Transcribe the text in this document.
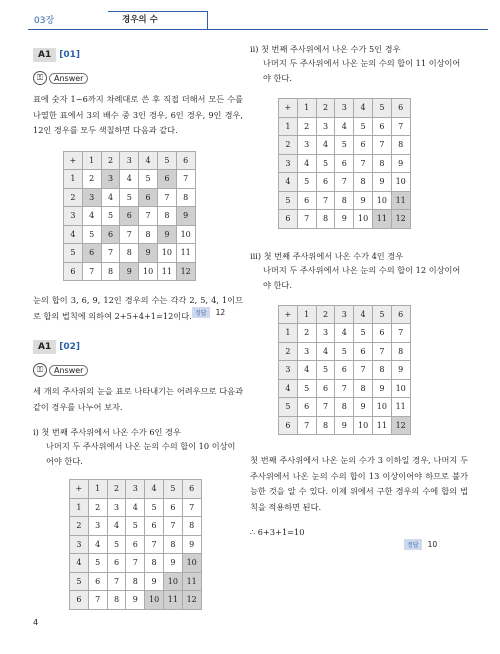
03장	경우의 수
A1 [01]
⚿	Answer

표에 숫자 1~6까지 차례대로 쓴 후 직접 더해서 모든 수를 나열한 표에서 3의 배수 중 3인 경우, 6인 경우, 9인 경우, 12인 경우를 모두 색칠하면 다음과 같다.

+	1	2	3	4	5	6
1	2	3	4	5	6	7
2	3	4	5	6	7	8
3	4	5	6	7	8	9
4	5	6	7	8	9	10
5	6	7	8	9	10	11
6	7	8	9	10	11	12

눈의 합이 3, 6, 9, 12인 경우의 수는 각각 2, 5, 4, 1이므로 합의 법칙에 의하여 2+5+4+1=12이다. 정답	12
A1 [02]
⚿	Answer

세 개의 주사위의 눈을 표로 나타내기는 어려우므로 다음과 같이 경우를 나누어 보자.

i) 첫 번째 주사위에서 나온 수가 6인 경우

나머지 두 주사위에서 나온 눈의 수의 합이 10 이상이어야 한다.

+	1	2	3	4	5	6
1	2	3	4	5	6	7
2	3	4	5	6	7	8
3	4	5	6	7	8	9
4	5	6	7	8	9	10
5	6	7	8	9	10	11
6	7	8	9	10	11	12

ii) 첫 번째 주사위에서 나온 수가 5인 경우

나머지 두 주사위에서 나온 눈의 수의 합이 11 이상이어야 한다.

+	1	2	3	4	5	6
1	2	3	4	5	6	7
2	3	4	5	6	7	8
3	4	5	6	7	8	9
4	5	6	7	8	9	10
5	6	7	8	9	10	11
6	7	8	9	10	11	12

iii) 첫 번째 주사위에서 나온 수가 4인 경우

나머지 두 주사위에서 나온 눈의 수의 합이 12 이상이어야 한다.

+	1	2	3	4	5	6
1	2	3	4	5	6	7
2	3	4	5	6	7	8
3	4	5	6	7	8	9
4	5	6	7	8	9	10
5	6	7	8	9	10	11
6	7	8	9	10	11	12

첫 번째 주사위에서 나온 눈의 수가 3 이하일 경우, 나머지 두 주사위에서 나온 눈의 수의 합이 13 이상이어야 하므로 불가능한 것을 알 수 있다. 이제 위에서 구한 경우의 수에 합의 법칙을 적용하면 된다.

∴ 6+3+1=10

정답	10
4
